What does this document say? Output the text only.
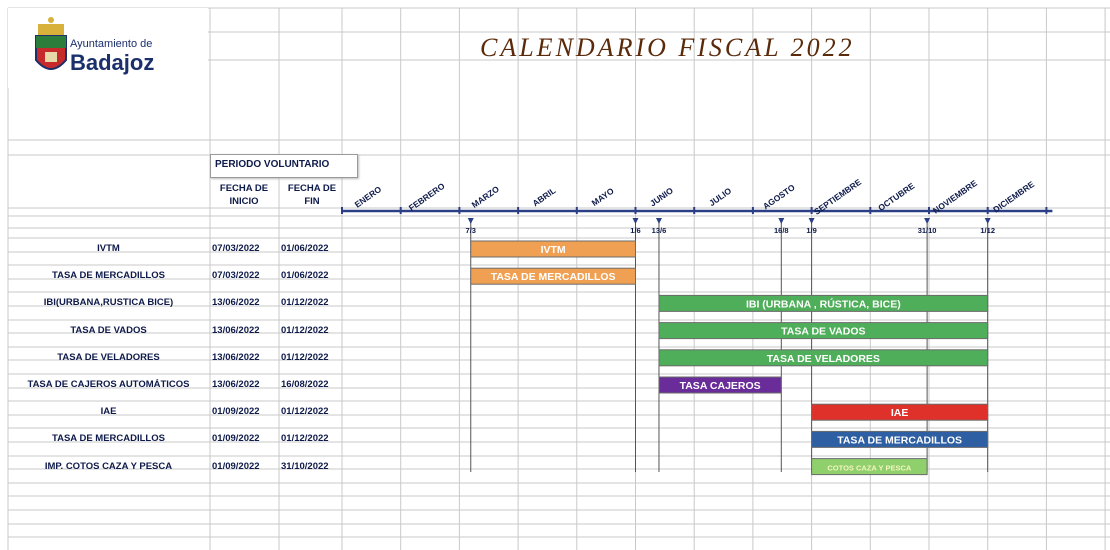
Ayuntamiento de
Badajoz
CALENDARIO FISCAL 2022
PERIODO VOLUNTARIO
FECHA DE
INICIO
FECHA DE
FIN
IVTM	07/03/2022	01/06/2022
TASA DE MERCADILLOS	07/03/2022	01/06/2022
IBI(URBANA,RUSTICA BICE)	13/06/2022	01/12/2022
TASA DE VADOS	13/06/2022	01/12/2022
TASA DE VELADORES	13/06/2022	01/12/2022
TASA DE CAJEROS AUTOMÁTICOS	13/06/2022	16/08/2022
IAE	01/09/2022	01/12/2022
TASA DE MERCADILLOS	01/09/2022	01/12/2022
IMP. COTOS CAZA Y PESCA	01/09/2022	31/10/2022
ENERO	FEBRERO	MARZO	ABRIL	MAYO	JUNIO	JULIO	AGOSTO SEPTIEMBRE OCTUBRE NOVIEMBRE DICIEMBRE
7/3	1/6 13/6	16/8 1/9	31/10	1/12
IVTM
TASA DE MERCADILLOS
IBI (URBANA , RÚSTICA, BICE)
TASA DE VADOS
TASA DE VELADORES
TASA CAJEROS
IAE
TASA DE MERCADILLOS
COTOS CAZA Y PESCA
